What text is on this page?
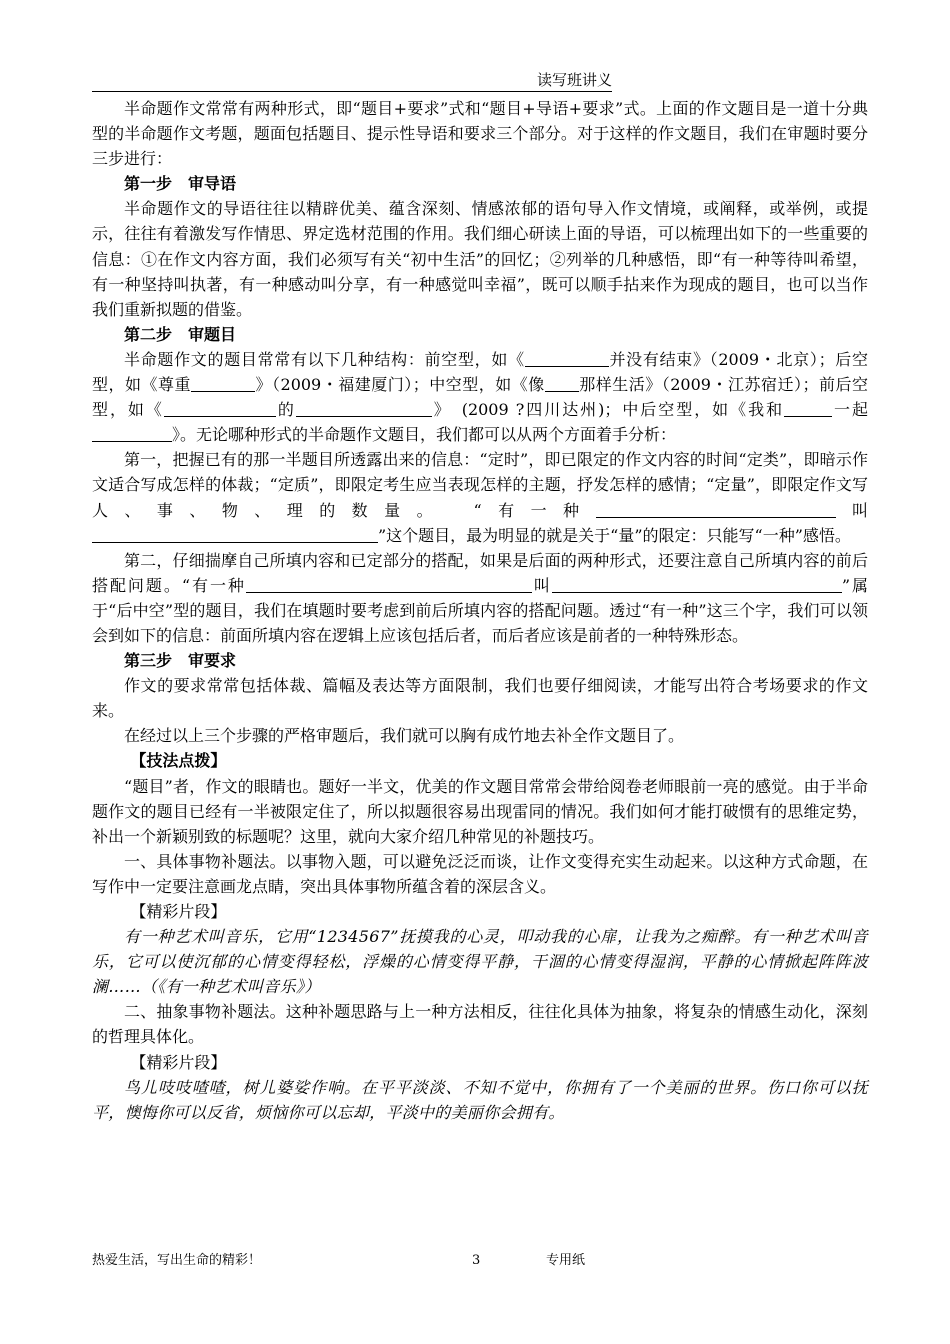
读写班讲义

半命题作文常常有两种形式，即“题目+要求”式和“题目+导语+要求”式。上面的作文题目是一道十分典型的半命题作文考题，题面包括题目、提示性导语和要求三个部分。对于这样的作文题目，我们在审题时要分三步进行：

第一步　审导语

半命题作文的导语往往以精辟优美、蕴含深刻、情感浓郁的语句导入作文情境，或阐释，或举例，或提示，往往有着激发写作情思、界定选材范围的作用。我们细心研读上面的导语，可以梳理出如下的一些重要的信息：①在作文内容方面，我们必须写有关“初中生活”的回忆；②列举的几种感悟，即“有一种等待叫希望，有一种坚持叫执著，有一种感动叫分享，有一种感觉叫幸福”，既可以顺手拈来作为现成的题目，也可以当作我们重新拟题的借鉴。

第二步　审题目

半命题作文的题目常常有以下几种结构：前空型，如《	并没有结束》（2009・北京）；后空型，如《尊重	》（2009・福建厦门）；中空型，如《像 那样生活》（2009・江苏宿迁）；前后空型，如《	的	》　(2009 ?四川达州)；中后空型，如《我和	一起》。无论哪种形式的半命题作文题目，我们都可以从两个方面着手分析：

第一，把握已有的那一半题目所透露出来的信息：“定时”，即已限定的作文内容的时间“定类”，即暗示作文适合写成怎样的体裁；“定质”，即限定考生应当表现怎样的主题，抒发怎样的感情；“定量”，即限定作文写人、事、物、理的数量。　“有一种	叫”这个题目，最为明显的就是关于“量”的限定：只能写“一种”感悟。

第二，仔细揣摩自己所填内容和已定部分的搭配，如果是后面的两种形式，还要注意自己所填内容的前后搭配问题。“有一种	叫	”属于“后中空”型的题目，我们在填题时要考虑到前后所填内容的搭配问题。透过“有一种”这三个字，我们可以领会到如下的信息：前面所填内容在逻辑上应该包括后者，而后者应该是前者的一种特殊形态。

第三步　审要求

作文的要求常常包括体裁、篇幅及表达等方面限制，我们也要仔细阅读，才能写出符合考场要求的作文来。

在经过以上三个步骤的严格审题后，我们就可以胸有成竹地去补全作文题目了。

【技法点拨】

“题目”者，作文的眼睛也。题好一半文，优美的作文题目常常会带给阅卷老师眼前一亮的感觉。由于半命题作文的题目已经有一半被限定住了，所以拟题很容易出现雷同的情况。我们如何才能打破惯有的思维定势，补出一个新颖别致的标题呢？这里，就向大家介绍几种常见的补题技巧。

一、具体事物补题法。以事物入题，可以避免泛泛而谈，让作文变得充实生动起来。以这种方式命题，在写作中一定要注意画龙点睛，突出具体事物所蕴含着的深层含义。

【精彩片段】

有一种艺术叫音乐，它用“1234567”抚摸我的心灵，叩动我的心扉，让我为之痴醉。有一种艺术叫音乐，它可以使沉郁的心情变得轻松，浮燥的心情变得平静，干涸的心情变得湿润，平静的心情掀起阵阵波澜……（《有一种艺术叫音乐》）

二、抽象事物补题法。这种补题思路与上一种方法相反，往往化具体为抽象，将复杂的情感生动化，深刻的哲理具体化。

【精彩片段】

鸟儿吱吱喳喳，树儿婆娑作响。在平平淡淡、不知不觉中，你拥有了一个美丽的世界。伤口你可以抚平，懊悔你可以反省，烦恼你可以忘却，平淡中的美丽你会拥有。

热爱生活，写出生命的精彩！	3	专用纸
